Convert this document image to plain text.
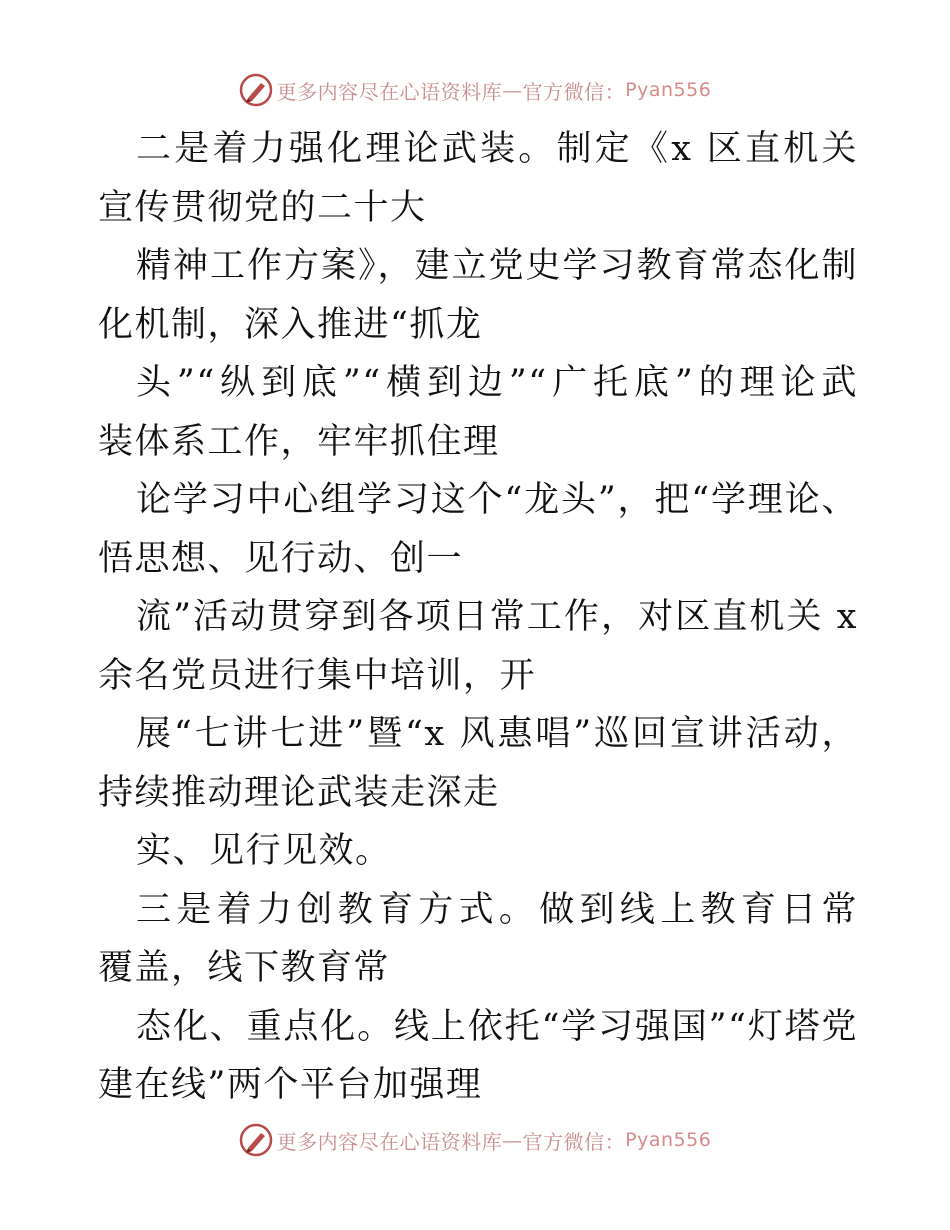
更多内容尽在心语资料库 — 官方微信： Pyan556
二是着力强化理论武装。制定《x 区直机关
宣传贯彻党的二十大
精神工作方案》，建立党史学习教育常态化制
化机制，深入推进“抓龙
头”“纵到底”“横到边”“广托底”的理论武
装体系工作，牢牢抓住理
论学习中心组学习这个“龙头”，把“学理论、
悟思想、见行动、创一
流”活动贯穿到各项日常工作，对区直机关 x
余名党员进行集中培训，开
展“七讲七进”暨“x 风惠唱”巡回宣讲活动，
持续推动理论武装走深走
实、见行见效。
三是着力创教育方式。做到线上教育日常
覆盖，线下教育常
态化、重点化。线上依托“学习强国”“灯塔党
建在线”两个平台加强理
更多内容尽在心语资料库 — 官方微信： Pyan556
